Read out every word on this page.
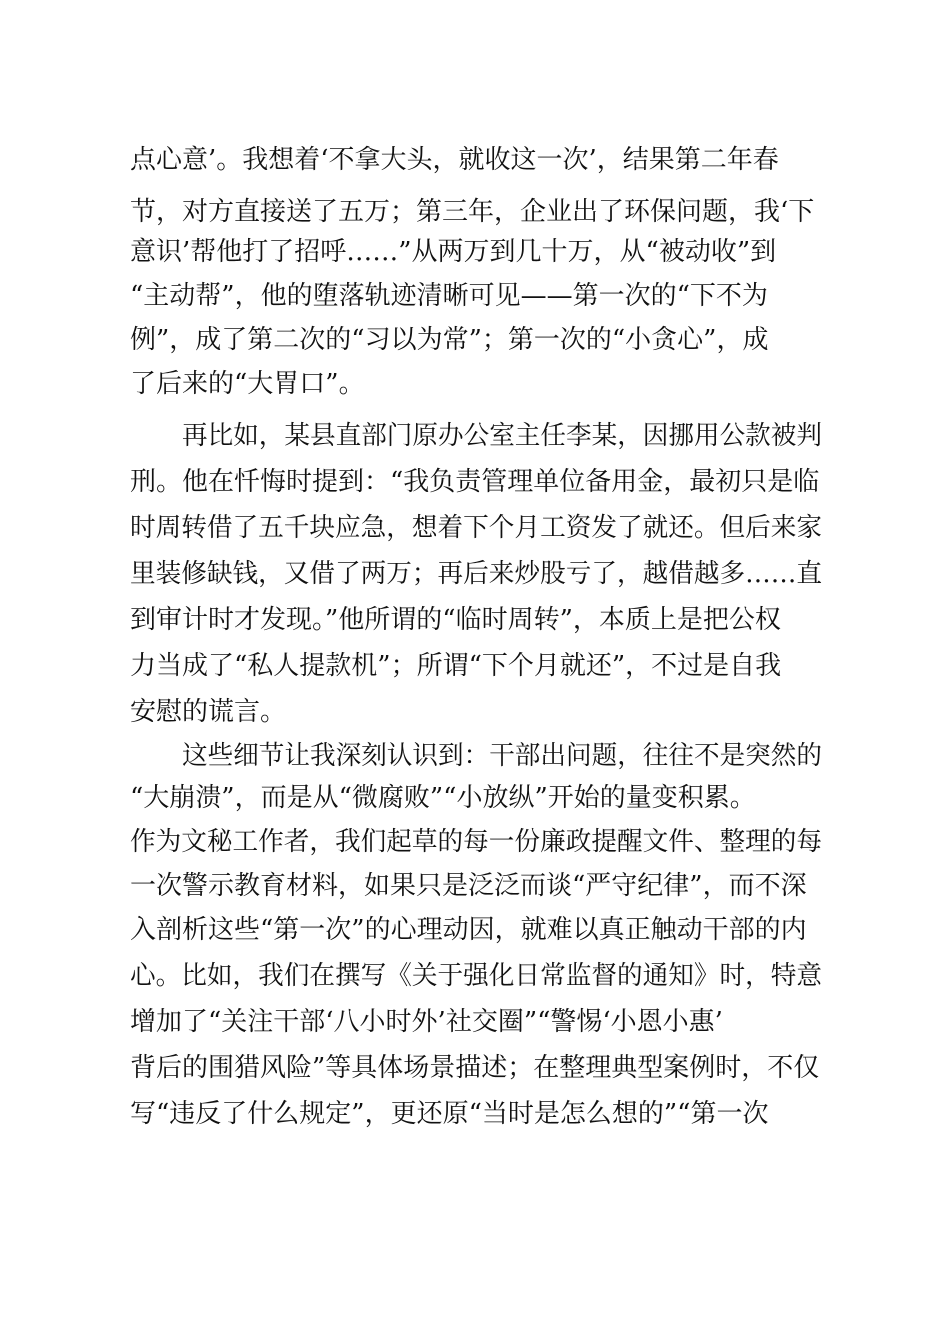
点心意’。我想着‘不拿大头，就收这一次’，结果第二年春
节，对方直接送了五万；第三年，企业出了环保问题，我‘下
意识’帮他打了招呼……”从两万到几十万，从“被动收”到
“主动帮”，他的堕落轨迹清晰可见——第一次的“下不为
例”，成了第二次的“习以为常”；第一次的“小贪心”，成
了后来的“大胃口”。
再比如，某县直部门原办公室主任李某，因挪用公款被判
刑。他在忏悔时提到：“我负责管理单位备用金，最初只是临
时周转借了五千块应急，想着下个月工资发了就还。但后来家
里装修缺钱，又借了两万；再后来炒股亏了，越借越多……直
到审计时才发现。”他所谓的“临时周转”，本质上是把公权
力当成了“私人提款机”；所谓“下个月就还”，不过是自我
安慰的谎言。
这些细节让我深刻认识到：干部出问题，往往不是突然的
“大崩溃”，而是从“微腐败”“小放纵”开始的量变积累。
作为文秘工作者，我们起草的每一份廉政提醒文件、整理的每
一次警示教育材料，如果只是泛泛而谈“严守纪律”，而不深
入剖析这些“第一次”的心理动因，就难以真正触动干部的内
心。比如，我们在撰写《关于强化日常监督的通知》时，特意
增加了“关注干部‘八小时外’社交圈”“警惕‘小恩小惠’
背后的围猎风险”等具体场景描述；在整理典型案例时，不仅
写“违反了什么规定”，更还原“当时是怎么想的”“第一次
